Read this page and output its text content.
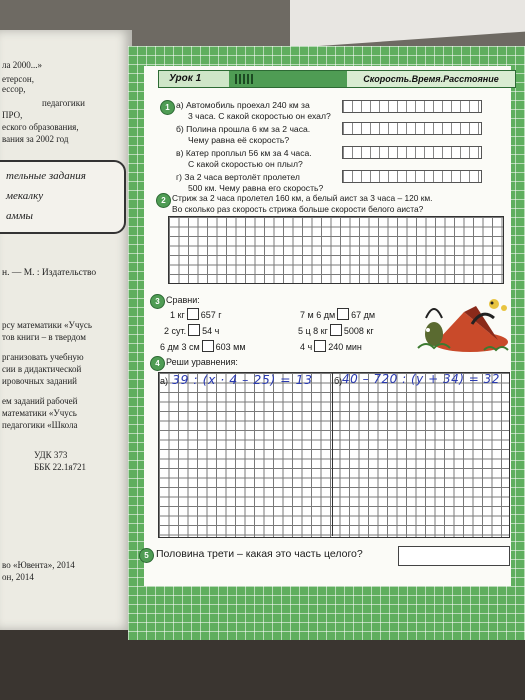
ла 2000...»
етерсон,
ессор,
педагогики
ПРО,
еского образования,
вания за 2002 год
тельные задания
мекалку
аммы
н. — М. : Издательство
рсу математики «Учусь
тов книги – в твердом
рганизовать учебную
сии в дидактической
ировочных заданий
ем заданий рабочей
математики «Учусь
педагогики «Школа
УДК 373
ББК 22.1я721
во «Ювента», 2014
он, 2014
Урок 1	Скорость.Время.Расстояние
1 а) Автомобиль проехал 240 км за
3 часа. С какой скоростью он ехал?
б) Полина прошла 6 км за 2 часа.
Чему равна её скорость?
в) Катер проплыл 56 км за 4 часа.
С какой скоростью он плыл?
г) За 2 часа вертолёт пролетел
500 км. Чему равна его скорость?
2 Стриж за 2 часа пролетел 160 км, а белый аист за 3 часа – 120 км.
Во сколько раз скорость стрижа больше скорости белого аиста?
3 Сравни:
1 кг 657 г
2 сут. 54 ч
6 дм 3 см 603 мм
7 м 6 дм 67 дм
5 ц 8 кг 5008 кг
4 ч 240 мин
4 Реши уравнения:
а)	б)
39 : (x · 4 – 25) = 13 40 – 720 : (y + 34) = 32
5 Половина трети – какая это часть целого?
